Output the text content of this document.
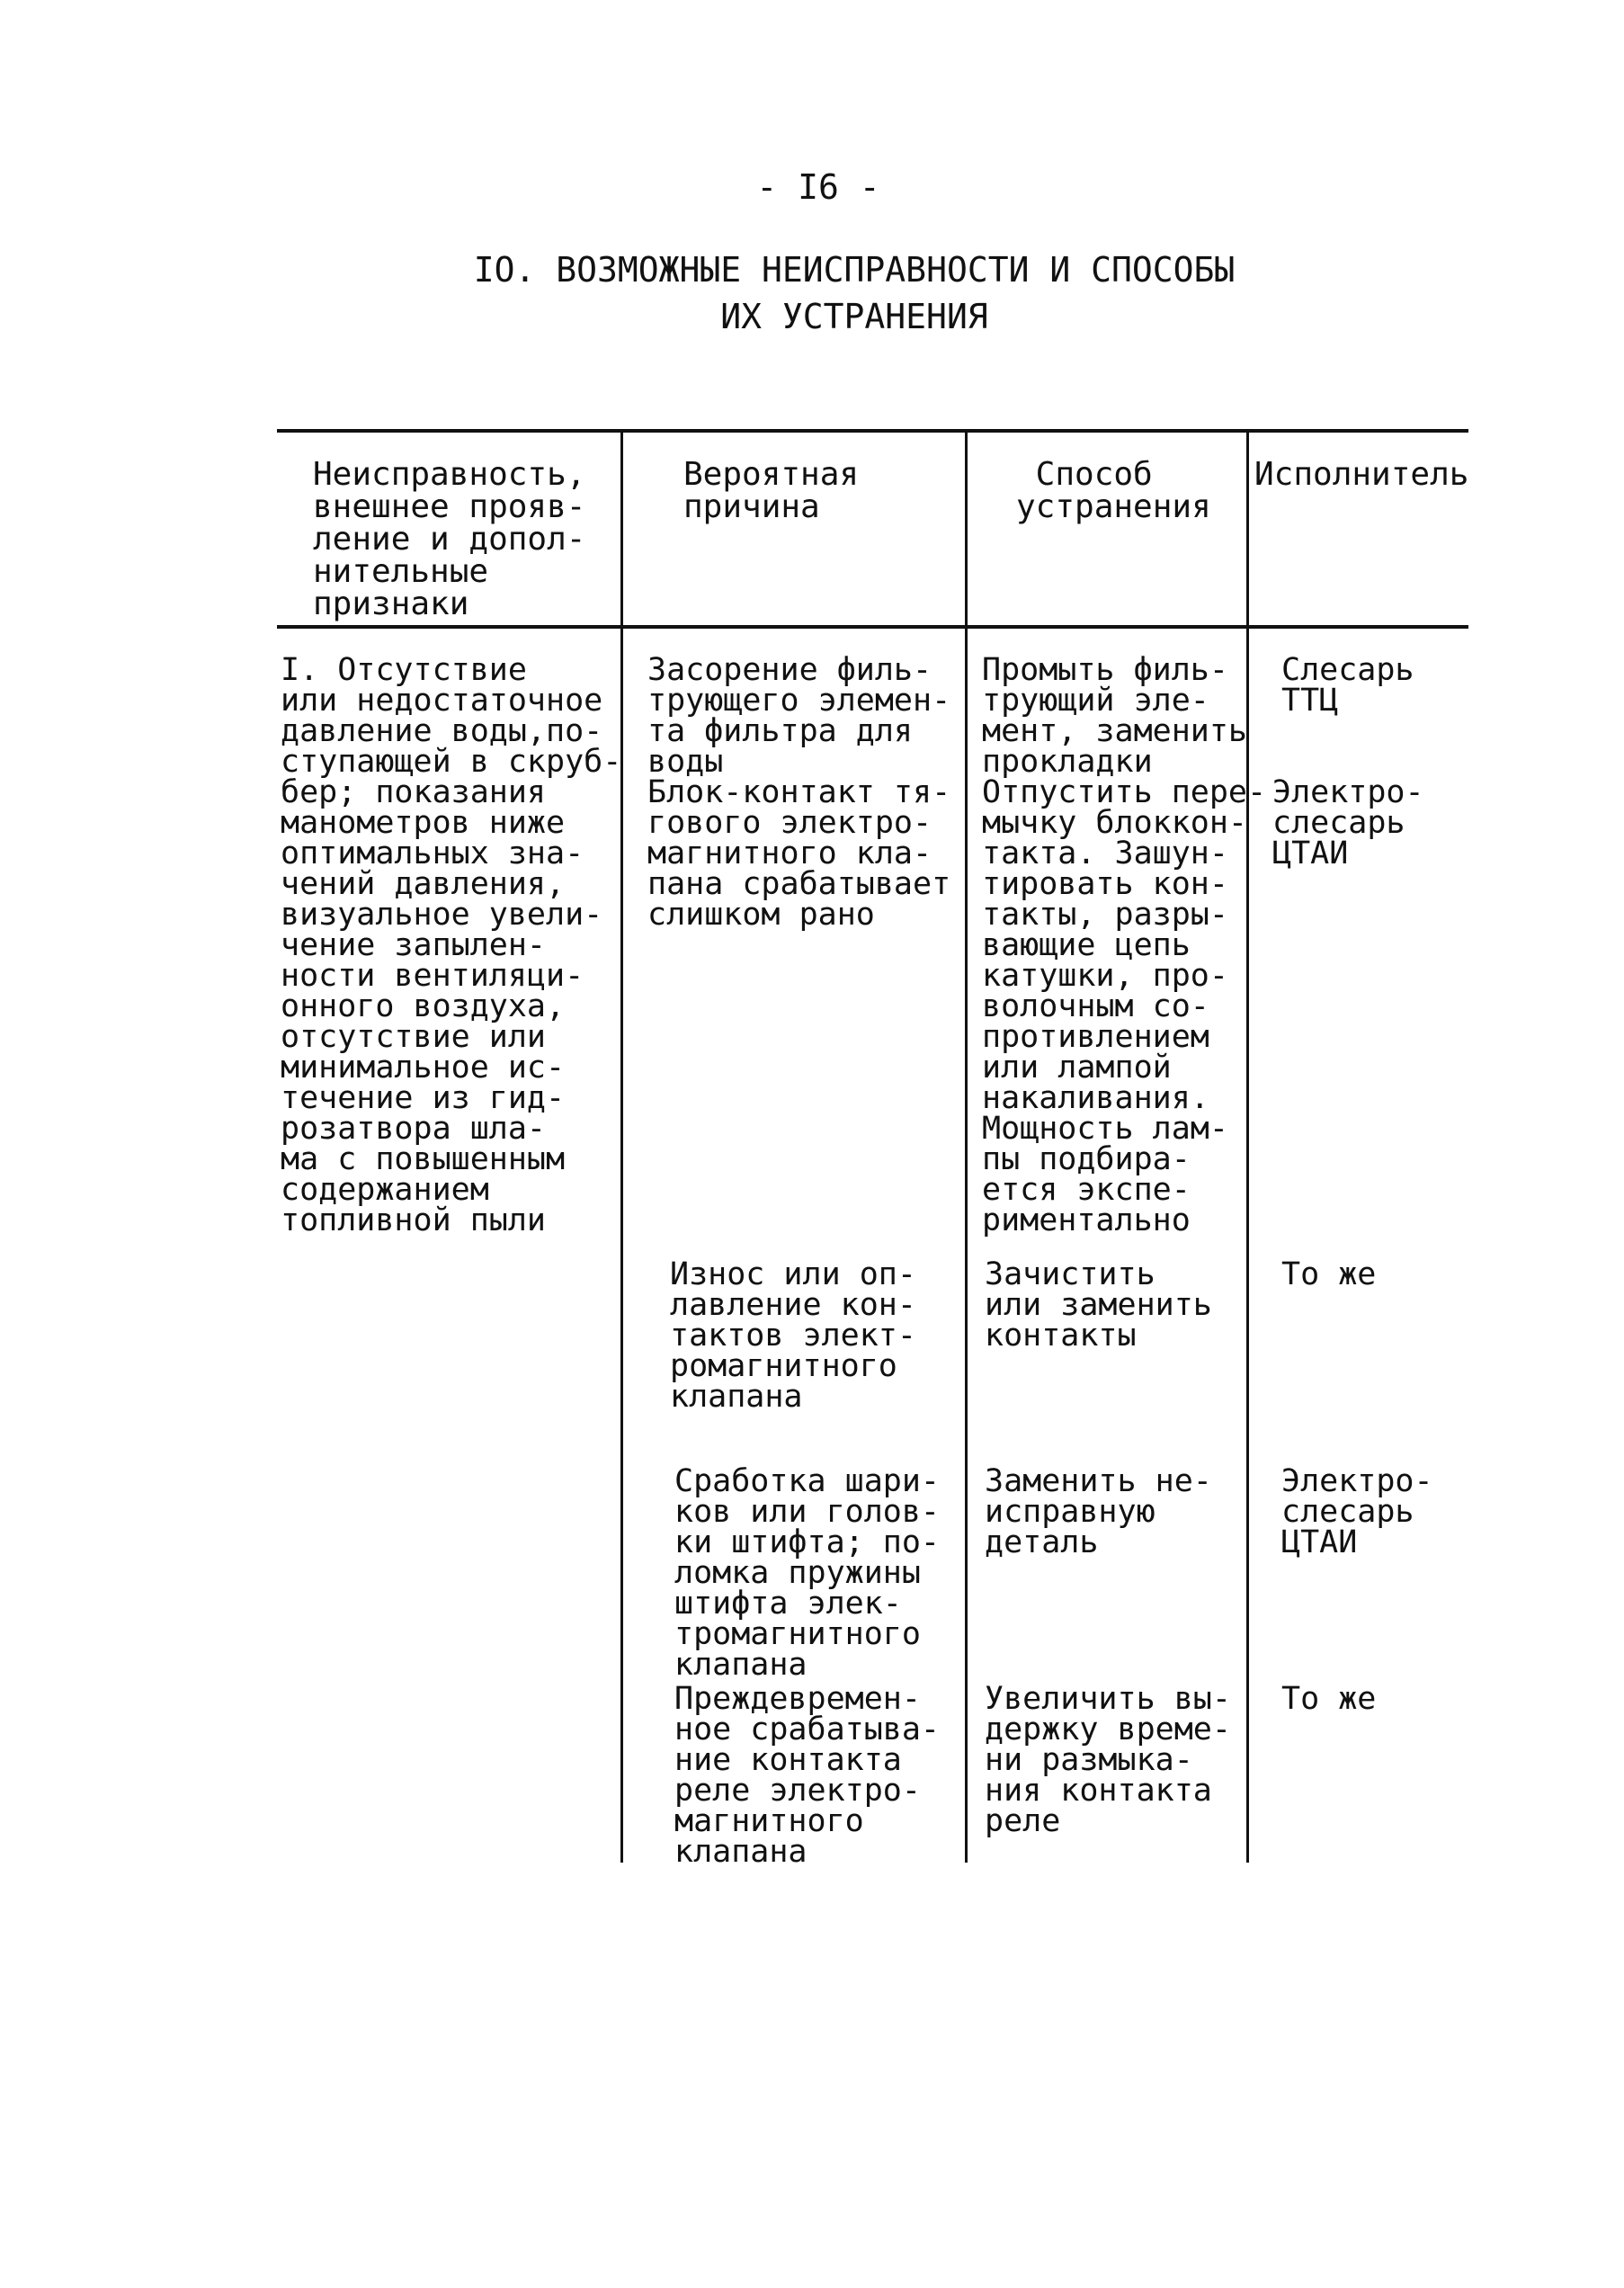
- I6 -
IO. ВОЗМОЖНЫЕ НЕИСПРАВНОСТИ И СПОСОБЫ
ИХ УСТРАНЕНИЯ
Неисправность,
внешнее прояв-
ление и допол-
нительные
признаки
Вероятная
причина
Способ
устранения
Исполнитель
I. Отсутствие
или недостаточное
давление воды,по-
ступающей в скруб-
бер; показания
манометров ниже
оптимальных зна-
чений давления,
визуальное увели-
чение запылен-
ности вентиляци-
онного воздуха,
отсутствие или
минимальное ис-
течение из гид-
розатвора шла-
ма с повышенным
содержанием
топливной пыли
Засорение филь-
трующего элемен-
та фильтра для
воды
Промыть филь-
трующий эле-
мент, заменить
прокладки
Слесарь
ТТЦ
Блок-контакт тя-
гового электро-
магнитного кла-
пана срабатывает
слишком рано
Отпустить пере-
мычку блоккон-
такта. Зашун-
тировать кон-
такты, разры-
вающие цепь
катушки, про-
волочным со-
противлением
или лампой
накаливания.
Мощность лам-
пы подбира-
ется экспе-
риментально
Электро-
слесарь
ЦТАИ
Износ или оп-
лавление кон-
тактов элект-
ромагнитного
клапана
Зачистить
или заменить
контакты
То же
Сработка шари-
ков или голов-
ки штифта; по-
ломка пружины
штифта элек-
тромагнитного
клапана
Заменить не-
исправную
деталь
Электро-
слесарь
ЦТАИ
Преждевремен-
ное срабатыва-
ние контакта
реле электро-
магнитного
клапана
Увеличить вы-
держку време-
ни размыка-
ния контакта
реле
То же
